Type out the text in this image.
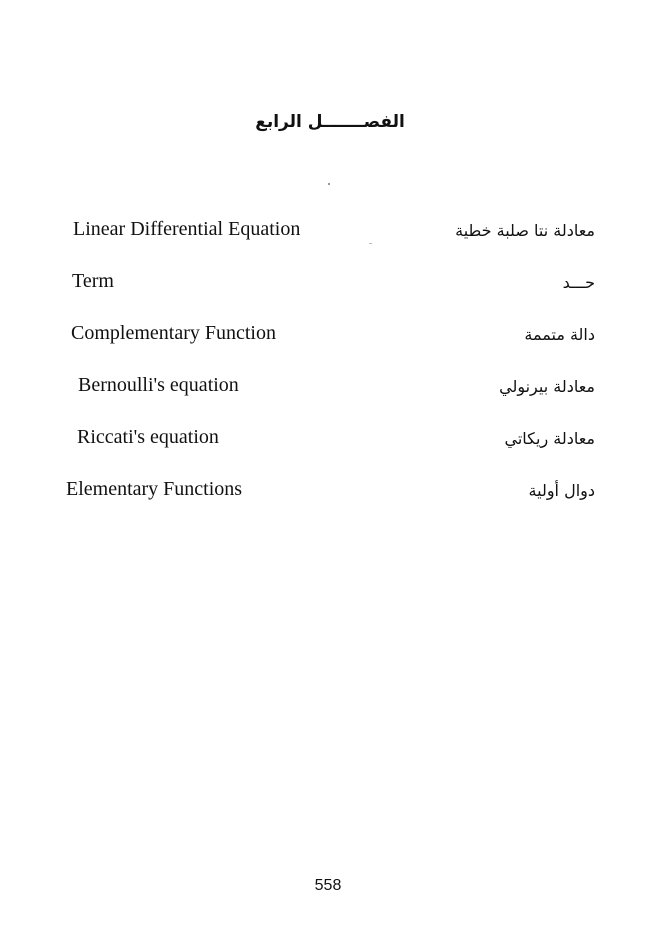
الفصـــــــل الرابع
Linear Differential Equation	معادلة نتا صلبة خطية
Term	حـــد
Complementary Function	دالة متممة
Bernoulli's equation	معادلة بيرنولي
Riccati's equation	معادلة ريكاتي
Elementary Functions	دوال أولية
558
